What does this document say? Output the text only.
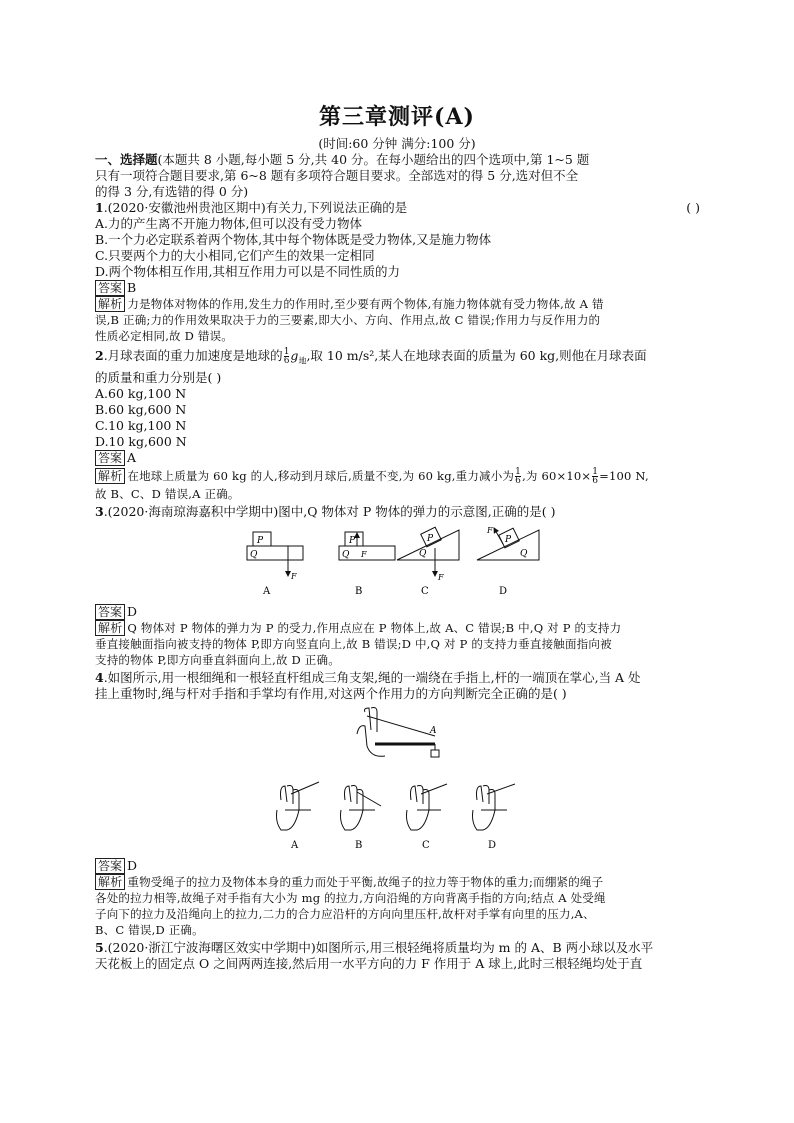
第三章测评(A)
(时间:60 分钟 满分:100 分)
一、选择题(本题共 8 小题,每小题 5 分,共 40 分。在每小题给出的四个选项中,第 1~5 题
只有一项符合题目要求,第 6~8 题有多项符合题目要求。全部选对的得 5 分,选对但不全
的得 3 分,有选错的得 0 分)
1.(2020·安徽池州贵池区期中)有关力,下列说法正确的是	( )
A.力的产生离不开施力物体,但可以没有受力物体
B.一个力必定联系着两个物体,其中每个物体既是受力物体,又是施力物体
C.只要两个力的大小相同,它们产生的效果一定相同
D.两个物体相互作用,其相互作用力可以是不同性质的力
答案 B
解析 力是物体对物体的作用,发生力的作用时,至少要有两个物体,有施力物体就有受力物体,故 A 错
误,B 正确;力的作用效果取决于力的三要素,即大小、方向、作用点,故 C 错误;作用力与反作用力的
性质必定相同,故 D 错误。
2.月球表面的重力加速度是地球的 $\frac{1}{6} g_地$,取 10 m/s²,某人在地球表面的质量为 60 kg,则他在月球表面
的质量和重力分别是( )
A.60 kg,100 N
B.60 kg,600 N
C.10 kg,100 N
D.10 kg,600 N
答案 A
解析 在地球上质量为 60 kg 的人,移动到月球后,质量不变,为 60 kg,重力减小为 $\frac{1}{6}$ ,为 $60\times 10\times \frac{1}{6} =100$ N,
故 B、C、D 错误,A 正确。
3.(2020·海南琼海嘉积中学期中)图中,Q 物体对 P 物体的弹力的示意图,正确的是( )
P
Q
F
A
P
Q F
B
P
Q
F
C
P
Q
F
D
答案 D
解析 Q 物体对 P 物体的弹力为 P 的受力,作用点应在 P 物体上,故 A、C 错误;B 中,Q 对 P 的支持力
垂直接触面指向被支持的物体 P,即方向竖直向上,故 B 错误;D 中,Q 对 P 的支持力垂直接触面指向被
支持的物体 P,即方向垂直斜面向上,故 D 正确。
4.如图所示,用一根细绳和一根轻直杆组成三角支架,绳的一端绕在手指上,杆的一端顶在掌心,当 A 处
挂上重物时,绳与杆对手指和手掌均有作用,对这两个作用力的方向判断完全正确的是( )
A
A	B	C	D
答案 D
解析 重物受绳子的拉力及物体本身的重力而处于平衡,故绳子的拉力等于物体的重力;而绷紧的绳子
各处的拉力相等,故绳子对手指有大小为 mg 的拉力,方向沿绳的方向背离手指的方向;结点 A 处受绳
子向下的拉力及沿绳向上的拉力,二力的合力应沿杆的方向向里压杆,故杆对手掌有向里的压力,A、
B、C 错误,D 正确。
5.(2020·浙江宁波海曙区效实中学期中)如图所示,用三根轻绳将质量均为 m 的 A、B 两小球以及水平
天花板上的固定点 O 之间两两连接,然后用一水平方向的力 F 作用于 A 球上,此时三根轻绳均处于直
